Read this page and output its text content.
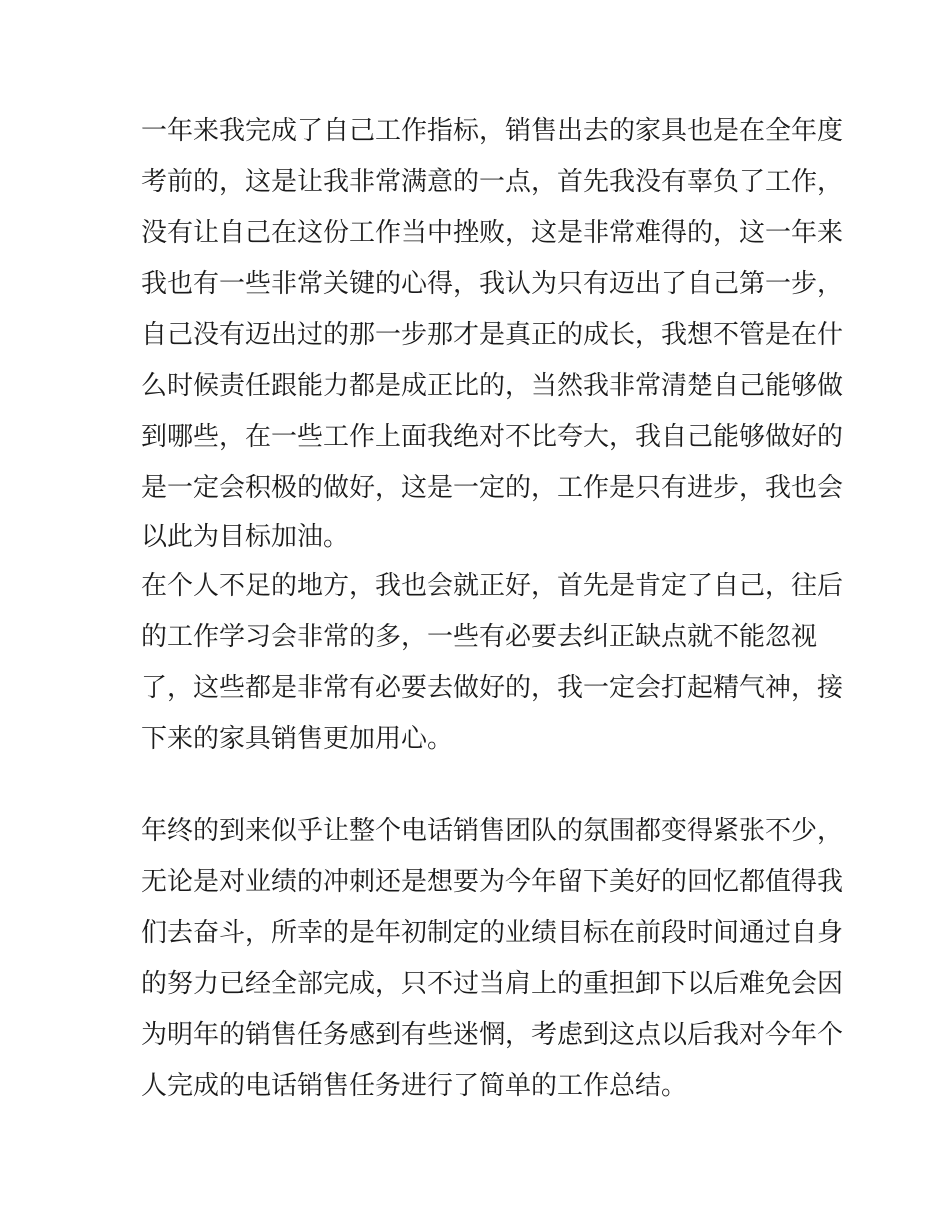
一年来我完成了自己工作指标，销售出去的家具也是在全年度
考前的，这是让我非常满意的一点，首先我没有辜负了工作，
没有让自己在这份工作当中挫败，这是非常难得的，这一年来
我也有一些非常关键的心得，我认为只有迈出了自己第一步，
自己没有迈出过的那一步那才是真正的成长，我想不管是在什
么时候责任跟能力都是成正比的，当然我非常清楚自己能够做
到哪些，在一些工作上面我绝对不比夸大，我自己能够做好的
是一定会积极的做好，这是一定的，工作是只有进步，我也会
以此为目标加油。
在个人不足的地方，我也会就正好，首先是肯定了自己，往后
的工作学习会非常的多，一些有必要去纠正缺点就不能忽视
了，这些都是非常有必要去做好的，我一定会打起精气神，接
下来的家具销售更加用心。
年终的到来似乎让整个电话销售团队的氛围都变得紧张不少，
无论是对业绩的冲刺还是想要为今年留下美好的回忆都值得我
们去奋斗，所幸的是年初制定的业绩目标在前段时间通过自身
的努力已经全部完成，只不过当肩上的重担卸下以后难免会因
为明年的销售任务感到有些迷惘，考虑到这点以后我对今年个
人完成的电话销售任务进行了简单的工作总结。
